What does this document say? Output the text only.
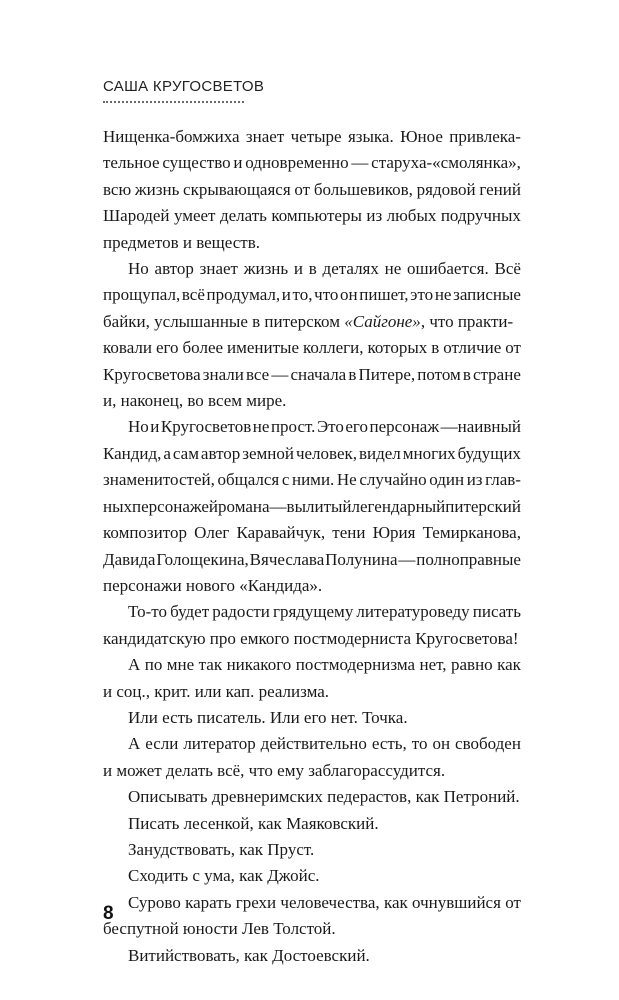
САША КРУГОСВЕТОВ

Нищенка-бомжиха знает четыре языка. Юное привлека-
тельное существо и одновременно — старуха-«смолянка»,
всю жизнь скрывающаяся от большевиков, рядовой гений
Шародей умеет делать компьютеры из любых подручных
предметов и веществ.

Но автор знает жизнь и в деталях не ошибается. Всё
прощупал, всё продумал, и то, что он пишет, это не записные
байки, услышанные в питерском «Сайгоне», что практи-
ковали его более именитые коллеги, которых в отличие от
Кругосветова знали все — сначала в Питере, потом в стране
и, наконец, во всем мире.

Но и Кругосветов не прост. Это его персонаж —наивный
Кандид, а сам автор земной человек, видел многих будущих
знаменитостей, общался с ними. Не случайно один из глав-
ных персонажей романа — вылитый легендарный питерский
композитор Олег Каравайчук, тени Юрия Темирканова,
Давида Голощекина, Вячеслава Полунина — полноправные
персонажи нового «Кандида».

То-то будет радости грядущему литературоведу писать
кандидатскую про емкого постмодерниста Кругосветова!

А по мне так никакого постмодернизма нет, равно как
и соц., крит. или кап. реализма.

Или есть писатель. Или его нет. Точка.

А если литератор действительно есть, то он свободен
и может делать всё, что ему заблагорассудится.

Описывать древнеримских педерастов, как Петроний.

Писать лесенкой, как Маяковский.

Занудствовать, как Пруст.

Сходить с ума, как Джойс.

Сурово карать грехи человечества, как очнувшийся от
беспутной юности Лев Толстой.

Витийствовать, как Достоевский.

8
